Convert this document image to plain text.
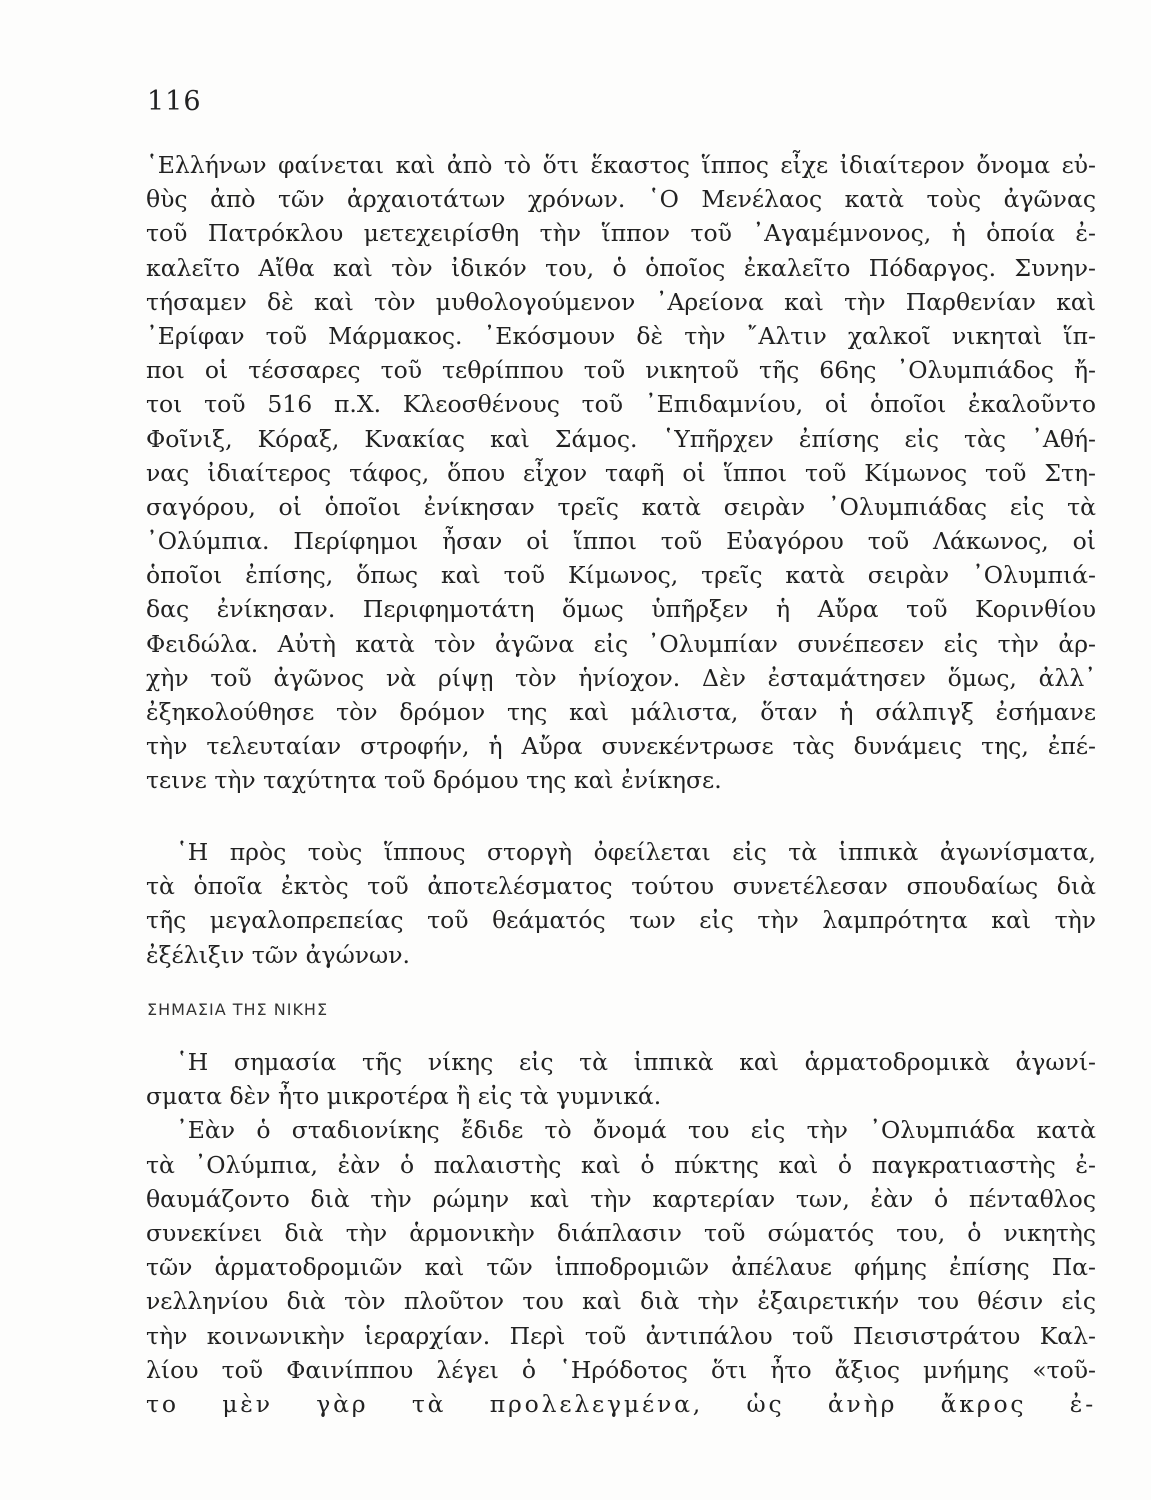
116
῾Ελλήνων φαίνεται καὶ ἀπὸ τὸ ὅτι ἕκαστος ἵππος εἶχε ἰδιαίτερον ὄνομα εὐ-
θὺς ἀπὸ τῶν ἀρχαιοτάτων χρόνων. ῾Ο Μενέλαος κατὰ τοὺς ἀγῶνας
τοῦ Πατρόκλου μετεχειρίσθη τὴν ἵππον τοῦ ᾿Αγαμέμνονος, ἡ ὁποία ἐ-
καλεῖτο Αἴθα καὶ τὸν ἰδικόν του, ὁ ὁποῖος ἐκαλεῖτο Πόδαργος. Συνην-
τήσαμεν δὲ καὶ τὸν μυθολογούμενον ᾿Αρείονα καὶ τὴν Παρθενίαν καὶ
᾿Ερίφαν τοῦ Μάρμακος. ᾿Εκόσμουν δὲ τὴν ῎Αλτιν χαλκοῖ νικηταὶ ἵπ-
ποι οἱ τέσσαρες τοῦ τεθρίππου τοῦ νικητοῦ τῆς 66ης ᾿Ολυμπιάδος ἤ-
τοι τοῦ 516 π.Χ. Κλεοσθένους τοῦ ᾿Επιδαμνίου, οἱ ὁποῖοι ἐκαλοῦντο
Φοῖνιξ, Κόραξ, Κνακίας καὶ Σάμος. ῾Υπῆρχεν ἐπίσης εἰς τὰς ᾿Αθή-
νας ἰδιαίτερος τάφος, ὅπου εἶχον ταφῆ οἱ ἵπποι τοῦ Κίμωνος τοῦ Στη-
σαγόρου, οἱ ὁποῖοι ἐνίκησαν τρεῖς κατὰ σειρὰν ᾿Ολυμπιάδας εἰς τὰ
᾿Ολύμπια. Περίφημοι ἦσαν οἱ ἵπποι τοῦ Εὐαγόρου τοῦ Λάκωνος, οἱ
ὁποῖοι ἐπίσης, ὅπως καὶ τοῦ Κίμωνος, τρεῖς κατὰ σειρὰν ᾿Ολυμπιά-
δας ἐνίκησαν. Περιφημοτάτη ὅμως ὑπῆρξεν ἡ Αὔρα τοῦ Κορινθίου
Φειδώλα. Αὐτὴ κατὰ τὸν ἀγῶνα εἰς ᾿Ολυμπίαν συνέπεσεν εἰς τὴν ἀρ-
χὴν τοῦ ἀγῶνος νὰ ρίψῃ τὸν ἡνίοχον. Δὲν ἐσταμάτησεν ὅμως, ἀλλ᾿
ἐξηκολούθησε τὸν δρόμον της καὶ μάλιστα, ὅταν ἡ σάλπιγξ ἐσήμανε
τὴν τελευταίαν στροφήν, ἡ Αὔρα συνεκέντρωσε τὰς δυνάμεις της, ἐπέ-
τεινε τὴν ταχύτητα τοῦ δρόμου της καὶ ἐνίκησε.
῾Η πρὸς τοὺς ἵππους στοργὴ ὀφείλεται εἰς τὰ ἱππικὰ ἀγωνίσματα,
τὰ ὁποῖα ἐκτὸς τοῦ ἀποτελέσματος τούτου συνετέλεσαν σπουδαίως διὰ
τῆς μεγαλοπρεπείας τοῦ θεάματός των εἰς τὴν λαμπρότητα καὶ τὴν
ἐξέλιξιν τῶν ἀγώνων.
ΣΗΜΑΣΙΑ ΤΗΣ ΝΙΚΗΣ
῾Η σημασία τῆς νίκης εἰς τὰ ἱππικὰ καὶ ἁρματοδρομικὰ ἀγωνί-
σματα δὲν ἦτο μικροτέρα ἢ εἰς τὰ γυμνικά.
᾿Εὰν ὁ σταδιονίκης ἔδιδε τὸ ὄνομά του εἰς τὴν ᾿Ολυμπιάδα κατὰ
τὰ ᾿Ολύμπια, ἐὰν ὁ παλαιστὴς καὶ ὁ πύκτης καὶ ὁ παγκρατιαστὴς ἐ-
θαυμάζοντο διὰ τὴν ρώμην καὶ τὴν καρτερίαν των, ἐὰν ὁ πένταθλος
συνεκίνει διὰ τὴν ἁρμονικὴν διάπλασιν τοῦ σώματός του, ὁ νικητὴς
τῶν ἁρματοδρομιῶν καὶ τῶν ἱπποδρομιῶν ἀπέλαυε φήμης ἐπίσης Πα-
νελληνίου διὰ τὸν πλοῦτον του καὶ διὰ τὴν ἐξαιρετικήν του θέσιν εἰς
τὴν κοινωνικὴν ἱεραρχίαν. Περὶ τοῦ ἀντιπάλου τοῦ Πεισιστράτου Καλ-
λίου τοῦ Φαινίππου λέγει ὁ ῾Ηρόδοτος ὅτι ἦτο ἄξιος μνήμης «τοῦ-
το μὲν γὰρ τὰ προλελεγμένα, ὡς ἀνὴρ ἄκρος ἐ-
